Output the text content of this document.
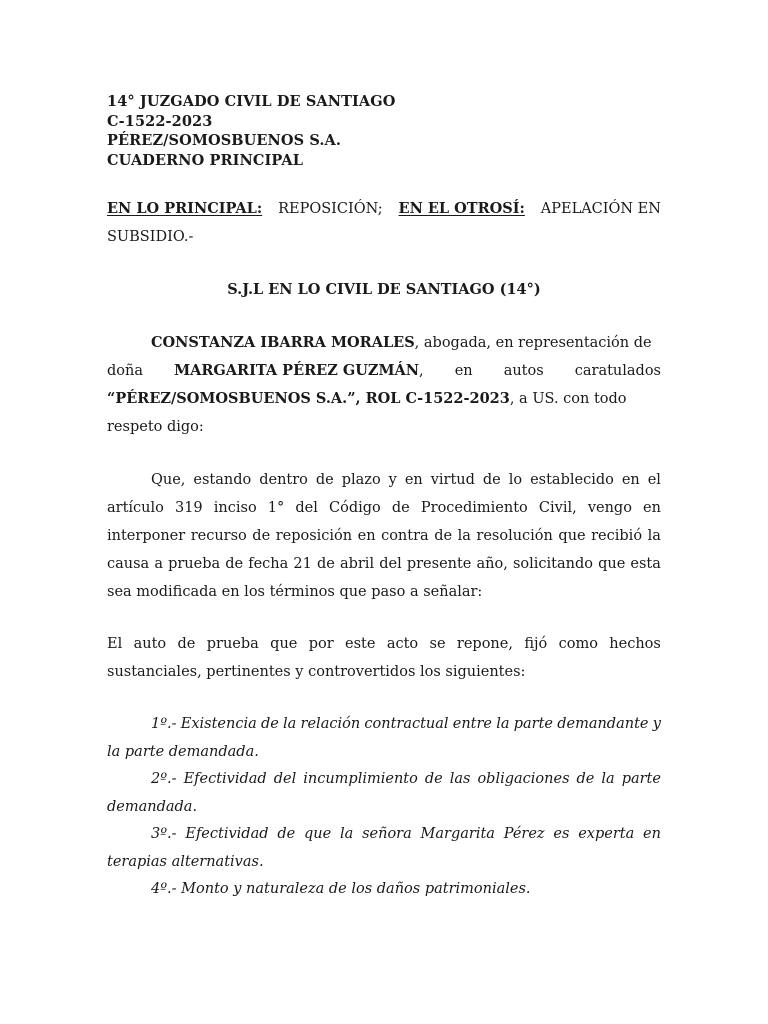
14° JUZGADO CIVIL DE SANTIAGO
C-1522-2023
PÉREZ/SOMOSBUENOS S.A.
CUADERNO PRINCIPAL
EN LO PRINCIPAL: REPOSICIÓN; EN EL OTROSÍ: APELACIÓN EN
SUBSIDIO.-
S.J.L EN LO CIVIL DE SANTIAGO (14°)
CONSTANZA IBARRA MORALES, abogada, en representación de
doña MARGARITA PÉREZ GUZMÁN, en autos caratulados
“PÉREZ/SOMOSBUENOS S.A.”, ROL C-1522-2023, a US. con todo
respeto digo:
Que, estando dentro de plazo y en virtud de lo establecido en el
artículo 319 inciso 1° del Código de Procedimiento Civil, vengo en
interponer recurso de reposición en contra de la resolución que recibió la
causa a prueba de fecha 21 de abril del presente año, solicitando que esta
sea modificada en los términos que paso a señalar:
El auto de prueba que por este acto se repone, fijó como hechos
sustanciales, pertinentes y controvertidos los siguientes:
1º.- Existencia de la relación contractual entre la parte demandante y
la parte demandada.
2º.- Efectividad del incumplimiento de las obligaciones de la parte
demandada.
3º.- Efectividad de que la señora Margarita Pérez es experta en
terapias alternativas.
4º.- Monto y naturaleza de los daños patrimoniales.
